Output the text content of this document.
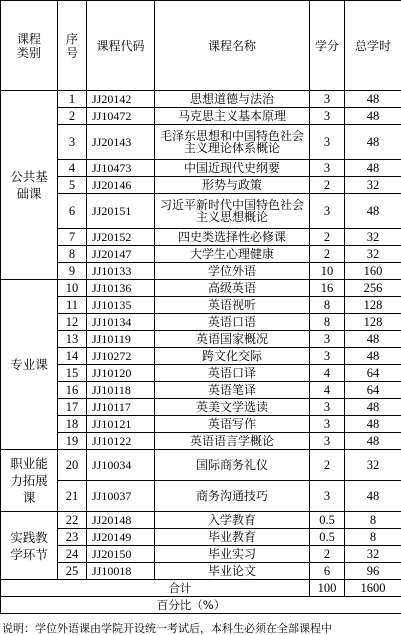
课程类别	序号	课程代码	课程名称	学分	总学时
公共基础课	1	JJ20142	思想道德与法治	3	48
	2	JJ10472	马克思主义基本原理	3	48
	3	JJ20143	毛泽东思想和中国特色社会主义理论体系概论	3	48
	4	JJ10473	中国近现代史纲要	3	48
	5	JJ20146	形势与政策	2	32
	6	JJ20151	习近平新时代中国特色社会主义思想概论	3	48
	7	JJ20152	四史类选择性必修课	2	32
	8	JJ20147	大学生心理健康	2	32
	9	JJ10133	学位外语	10	160
专业课	10	JJ10136	高级英语	16	256
	11	JJ10135	英语视听	8	128
	12	JJ10134	英语口语	8	128
	13	JJ10119	英语国家概况	3	48
	14	JJ10272	跨文化交际	3	48
	15	JJ10120	英语口译	4	64
	16	JJ10118	英语笔译	4	64
	17	JJ10117	英美文学选读	3	48
	18	JJ10121	英语写作	3	48
	19	JJ10122	英语语言学概论	3	48
职业能力拓展课	20	JJ10034	国际商务礼仪	2	32
	21	JJ10037	商务沟通技巧	3	48
实践教学环节	22	JJ20148	入学教育	0.5	8
	23	JJ20149	毕业教育	0.5	8
	24	JJ20150	毕业实习	2	32
	25	JJ10018	毕业论文	6	96
合计				100	1600
百分比（%）					
说明：学位外语课由学院开设统一考试后，本科生必须在全部课程中
